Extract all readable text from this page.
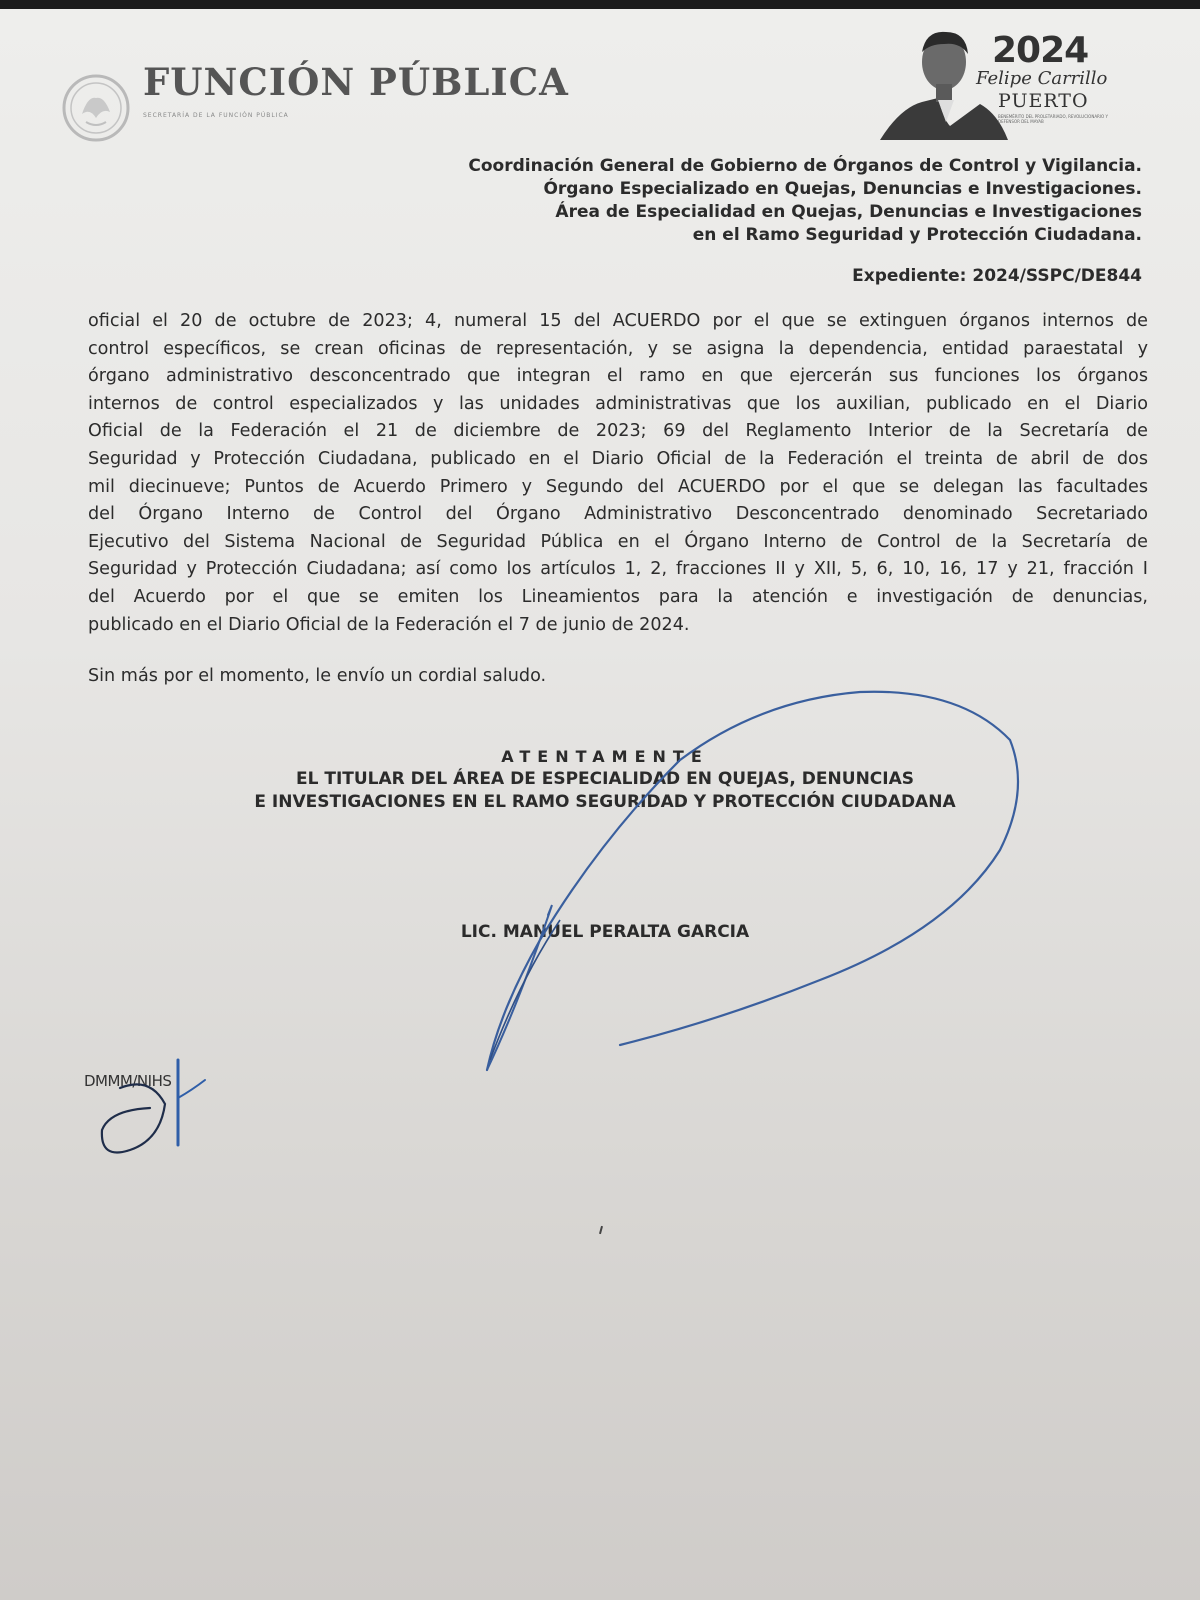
FUNCIÓN PÚBLICA
SECRETARÍA DE LA FUNCIÓN PÚBLICA
2024
Felipe Carrillo
PUERTO
BENEMÉRITO DEL PROLETARIADO, REVOLUCIONARIO Y DEFENSOR DEL MAYAB
Coordinación General de Gobierno de Órganos de Control y Vigilancia.
Órgano Especializado en Quejas, Denuncias e Investigaciones.
Área de Especialidad en Quejas, Denuncias e Investigaciones
en el Ramo Seguridad y Protección Ciudadana.
Expediente: 2024/SSPC/DE844
oficial el 20 de octubre de 2023; 4, numeral 15 del ACUERDO por el que se extinguen órganos internos de
control específicos, se crean oficinas de representación, y se asigna la dependencia, entidad paraestatal y
órgano administrativo desconcentrado que integran el ramo en que ejercerán sus funciones los órganos
internos de control especializados y las unidades administrativas que los auxilian, publicado en el Diario
Oficial de la Federación el 21 de diciembre de 2023; 69 del Reglamento Interior de la Secretaría de
Seguridad y Protección Ciudadana, publicado en el Diario Oficial de la Federación el treinta de abril de dos
mil diecinueve; Puntos de Acuerdo Primero y Segundo del ACUERDO por el que se delegan las facultades
del Órgano Interno de Control del Órgano Administrativo Desconcentrado denominado Secretariado
Ejecutivo del Sistema Nacional de Seguridad Pública en el Órgano Interno de Control de la Secretaría de
Seguridad y Protección Ciudadana; así como los artículos 1, 2, fracciones II y XII, 5, 6, 10, 16, 17 y 21, fracción I
del Acuerdo por el que se emiten los Lineamientos para la atención e investigación de denuncias,
publicado en el Diario Oficial de la Federación el 7 de junio de 2024.
Sin más por el momento, le envío un cordial saludo.
ATENTAMENTE
EL TITULAR DEL ÁREA DE ESPECIALIDAD EN QUEJAS, DENUNCIAS
E INVESTIGACIONES EN EL RAMO SEGURIDAD Y PROTECCIÓN CIUDADANA
LIC. MANUEL PERALTA GARCIA
DMMM/NIHS
